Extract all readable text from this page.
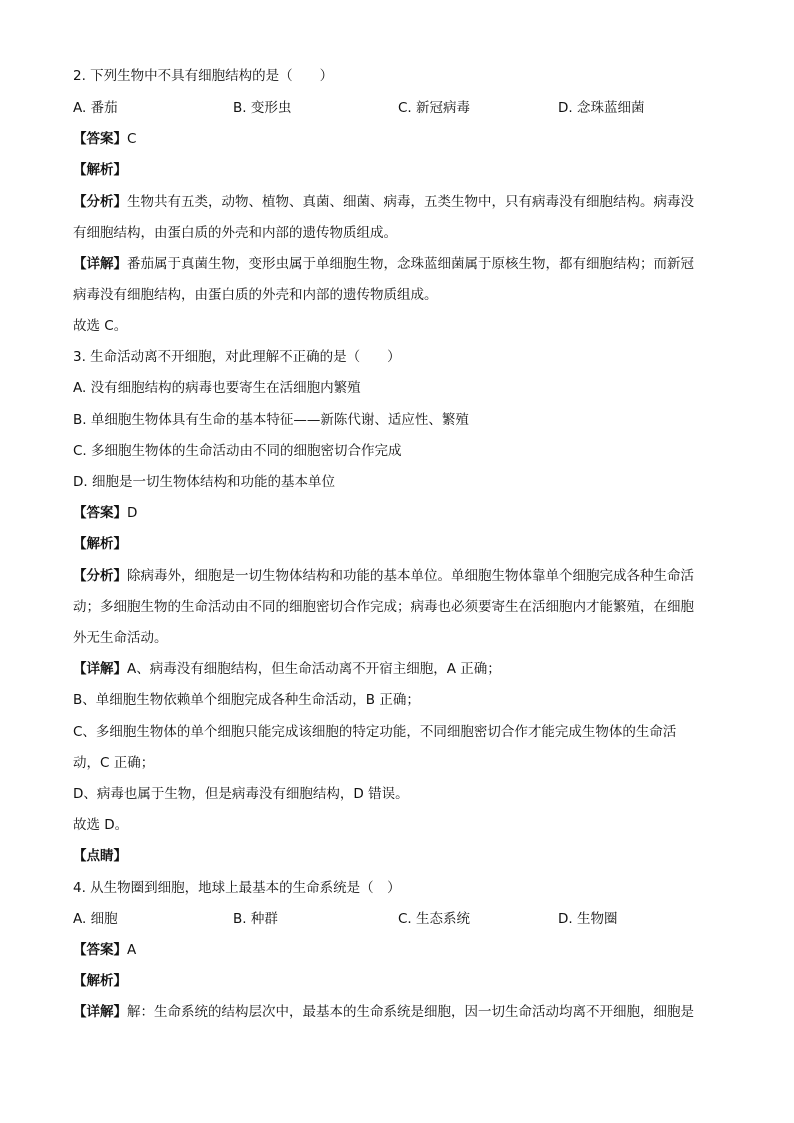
2. 下列生物中不具有细胞结构的是（　　）
A. 番茄	B. 变形虫	C. 新冠病毒	D. 念珠蓝细菌
【答案】C
【解析】
【分析】生物共有五类，动物、植物、真菌、细菌、病毒，五类生物中，只有病毒没有细胞结构。病毒没
有细胞结构，由蛋白质的外壳和内部的遗传物质组成。
【详解】番茄属于真菌生物，变形虫属于单细胞生物，念珠蓝细菌属于原核生物，都有细胞结构；而新冠
病毒没有细胞结构，由蛋白质的外壳和内部的遗传物质组成。
故选 C。
3. 生命活动离不开细胞，对此理解不正确的是（　　）
A. 没有细胞结构的病毒也要寄生在活细胞内繁殖
B. 单细胞生物体具有生命的基本特征——新陈代谢、适应性、繁殖
C. 多细胞生物体的生命活动由不同的细胞密切合作完成
D. 细胞是一切生物体结构和功能的基本单位
【答案】D
【解析】
【分析】除病毒外，细胞是一切生物体结构和功能的基本单位。单细胞生物体靠单个细胞完成各种生命活
动；多细胞生物的生命活动由不同的细胞密切合作完成；病毒也必须要寄生在活细胞内才能繁殖，在细胞
外无生命活动。
【详解】A、病毒没有细胞结构，但生命活动离不开宿主细胞，A 正确；
B、单细胞生物依赖单个细胞完成各种生命活动，B 正确；
C、多细胞生物体的单个细胞只能完成该细胞的特定功能，不同细胞密切合作才能完成生物体的生命活
动，C 正确；
D、病毒也属于生物，但是病毒没有细胞结构，D 错误。
故选 D。
【点睛】
4. 从生物圈到细胞，地球上最基本的生命系统是（　）
A. 细胞	B. 种群	C. 生态系统	D. 生物圈
【答案】A
【解析】
【详解】解：生命系统的结构层次中，最基本的生命系统是细胞，因一切生命活动均离不开细胞，细胞是
